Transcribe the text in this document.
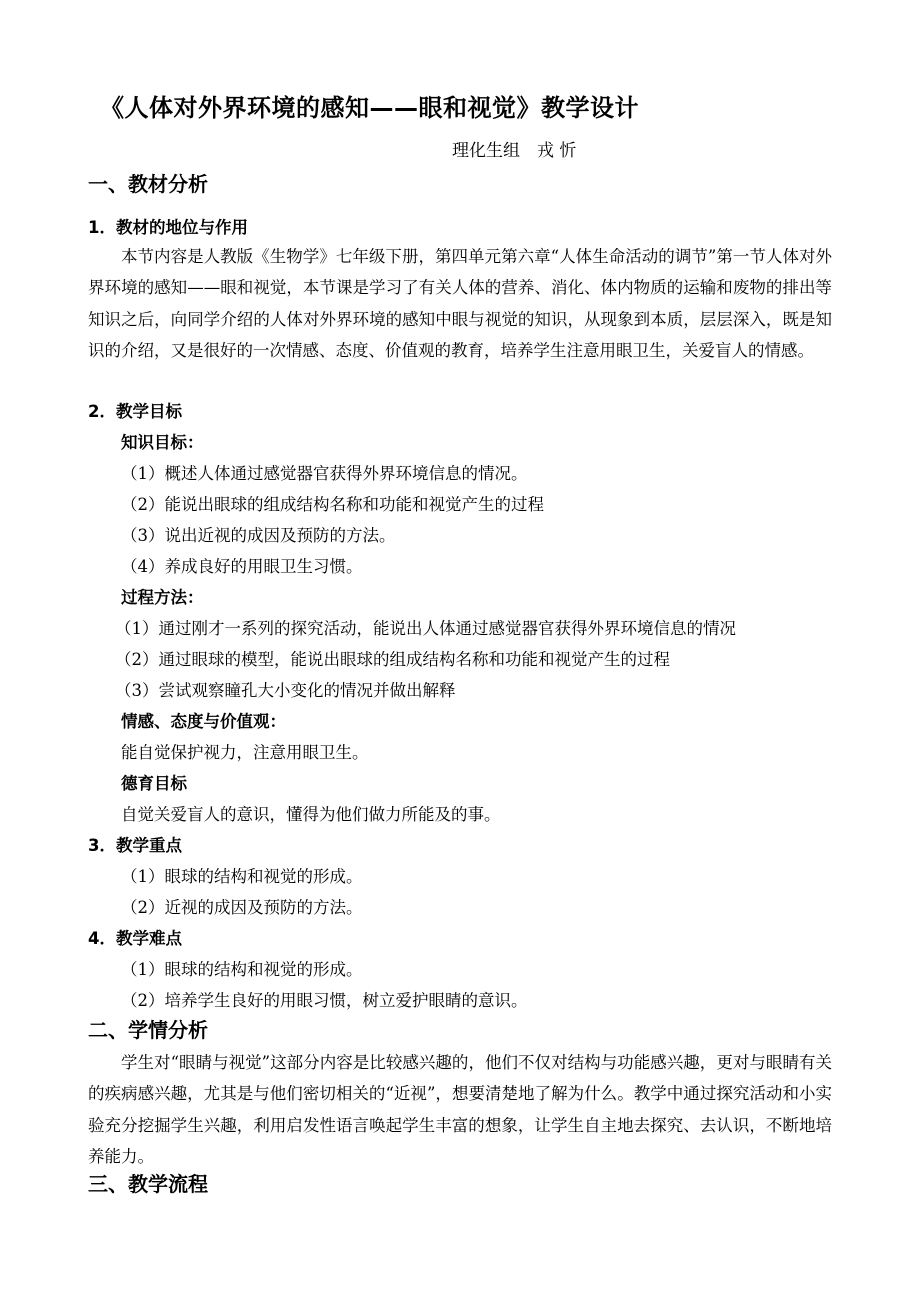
《人体对外界环境的感知——眼和视觉》教学设计
理化生组　戎 忻
一、教材分析
1．教材的地位与作用
本节内容是人教版《生物学》七年级下册，第四单元第六章“人体生命活动的调节”第一节人体对外界环境的感知——眼和视觉，本节课是学习了有关人体的营养、消化、体内物质的运输和废物的排出等知识之后，向同学介绍的人体对外界环境的感知中眼与视觉的知识，从现象到本质，层层深入，既是知识的介绍，又是很好的一次情感、态度、价值观的教育，培养学生注意用眼卫生，关爱盲人的情感。
2．教学目标
知识目标：
（1）概述人体通过感觉器官获得外界环境信息的情况。
（2）能说出眼球的组成结构名称和功能和视觉产生的过程
（3）说出近视的成因及预防的方法。
（4）养成良好的用眼卫生习惯。
过程方法：
（1）通过刚才一系列的探究活动，能说出人体通过感觉器官获得外界环境信息的情况
（2）通过眼球的模型，能说出眼球的组成结构名称和功能和视觉产生的过程
（3）尝试观察瞳孔大小变化的情况并做出解释
情感、态度与价值观：
能自觉保护视力，注意用眼卫生。
德育目标
自觉关爱盲人的意识，懂得为他们做力所能及的事。
3．教学重点
（1）眼球的结构和视觉的形成。
（2）近视的成因及预防的方法。
4．教学难点
（1）眼球的结构和视觉的形成。
（2）培养学生良好的用眼习惯，树立爱护眼睛的意识。
二、学情分析
学生对“眼睛与视觉”这部分内容是比较感兴趣的，他们不仅对结构与功能感兴趣，更对与眼睛有关的疾病感兴趣，尤其是与他们密切相关的“近视”，想要清楚地了解为什么。教学中通过探究活动和小实验充分挖掘学生兴趣，利用启发性语言唤起学生丰富的想象，让学生自主地去探究、去认识，不断地培养能力。
三、教学流程
